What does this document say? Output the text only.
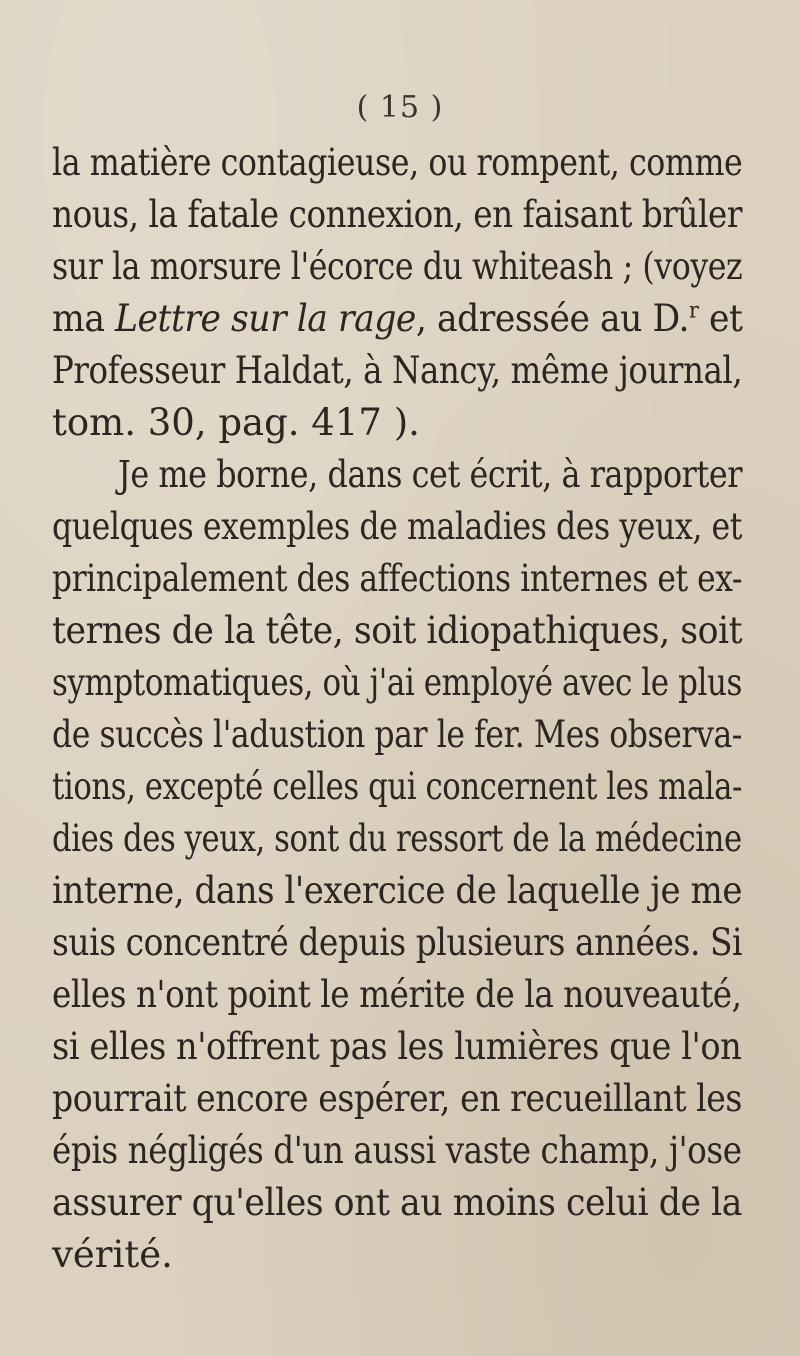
( 15 )
la matière contagieuse, ou rompent, comme
nous, la fatale connexion, en faisant brûler
sur la morsure l'écorce du whiteash ; (voyez
ma Lettre sur la rage, adressée au D.$^r$ et
Professeur Haldat, à Nancy, même journal,
tom. 30, pag. 417 ).
Je me borne, dans cet écrit, à rapporter
quelques exemples de maladies des yeux, et
principalement des affections internes et ex-
ternes de la tête, soit idiopathiques, soit
symptomatiques, où j'ai employé avec le plus
de succès l'adustion par le fer. Mes observa-
tions, excepté celles qui concernent les mala-
dies des yeux, sont du ressort de la médecine
interne, dans l'exercice de laquelle je me
suis concentré depuis plusieurs années. Si
elles n'ont point le mérite de la nouveauté,
si elles n'offrent pas les lumières que l'on
pourrait encore espérer, en recueillant les
épis négligés d'un aussi vaste champ, j'ose
assurer qu'elles ont au moins celui de la
vérité.
